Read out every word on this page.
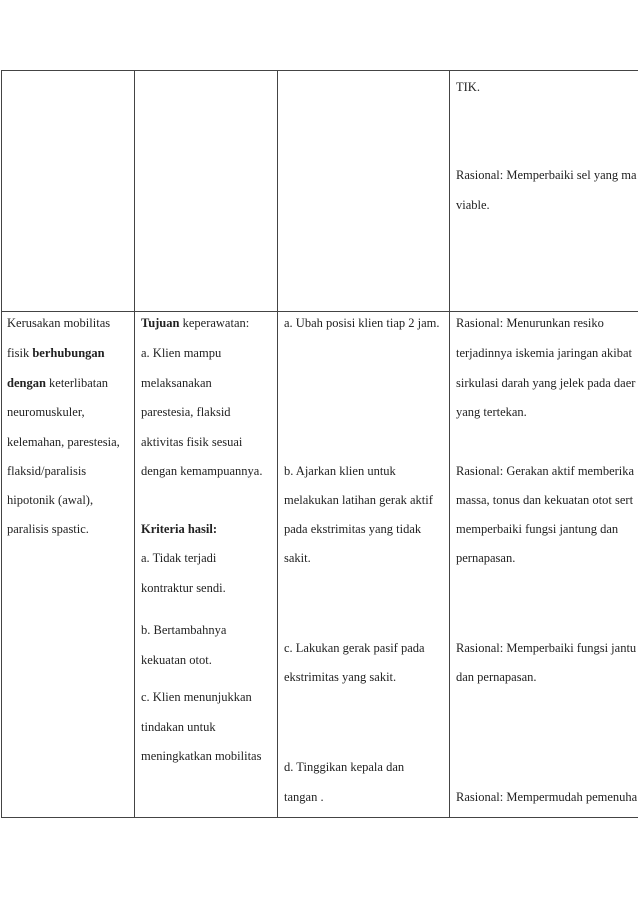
TIK.
Rasional: Memperbaiki sel yang ma
viable.
Kerusakan mobilitas
fisik berhubungan
dengan keterlibatan
neuromuskuler,
kelemahan, parestesia,
flaksid/paralisis
hipotonik (awal),
paralisis spastic.
Tujuan keperawatan:
a. Klien mampu
melaksanakan
parestesia, flaksid
aktivitas fisik sesuai
dengan kemampuannya.
Kriteria hasil:
a. Tidak terjadi
kontraktur sendi.
b. Bertambahnya
kekuatan otot.
c. Klien menunjukkan
tindakan untuk
meningkatkan mobilitas
a. Ubah posisi klien tiap 2 jam.
b. Ajarkan klien untuk
melakukan latihan gerak aktif
pada ekstrimitas yang tidak
sakit.
c. Lakukan gerak pasif pada
ekstrimitas yang sakit.
d. Tinggikan kepala dan
tangan .
Rasional: Menurunkan resiko
terjadinnya iskemia jaringan akibat
sirkulasi darah yang jelek pada daer
yang tertekan.
Rasional: Gerakan aktif memberika
massa, tonus dan kekuatan otot sert
memperbaiki fungsi jantung dan
pernapasan.
Rasional: Memperbaiki fungsi jantu
dan pernapasan.
Rasional: Mempermudah pemenuha
